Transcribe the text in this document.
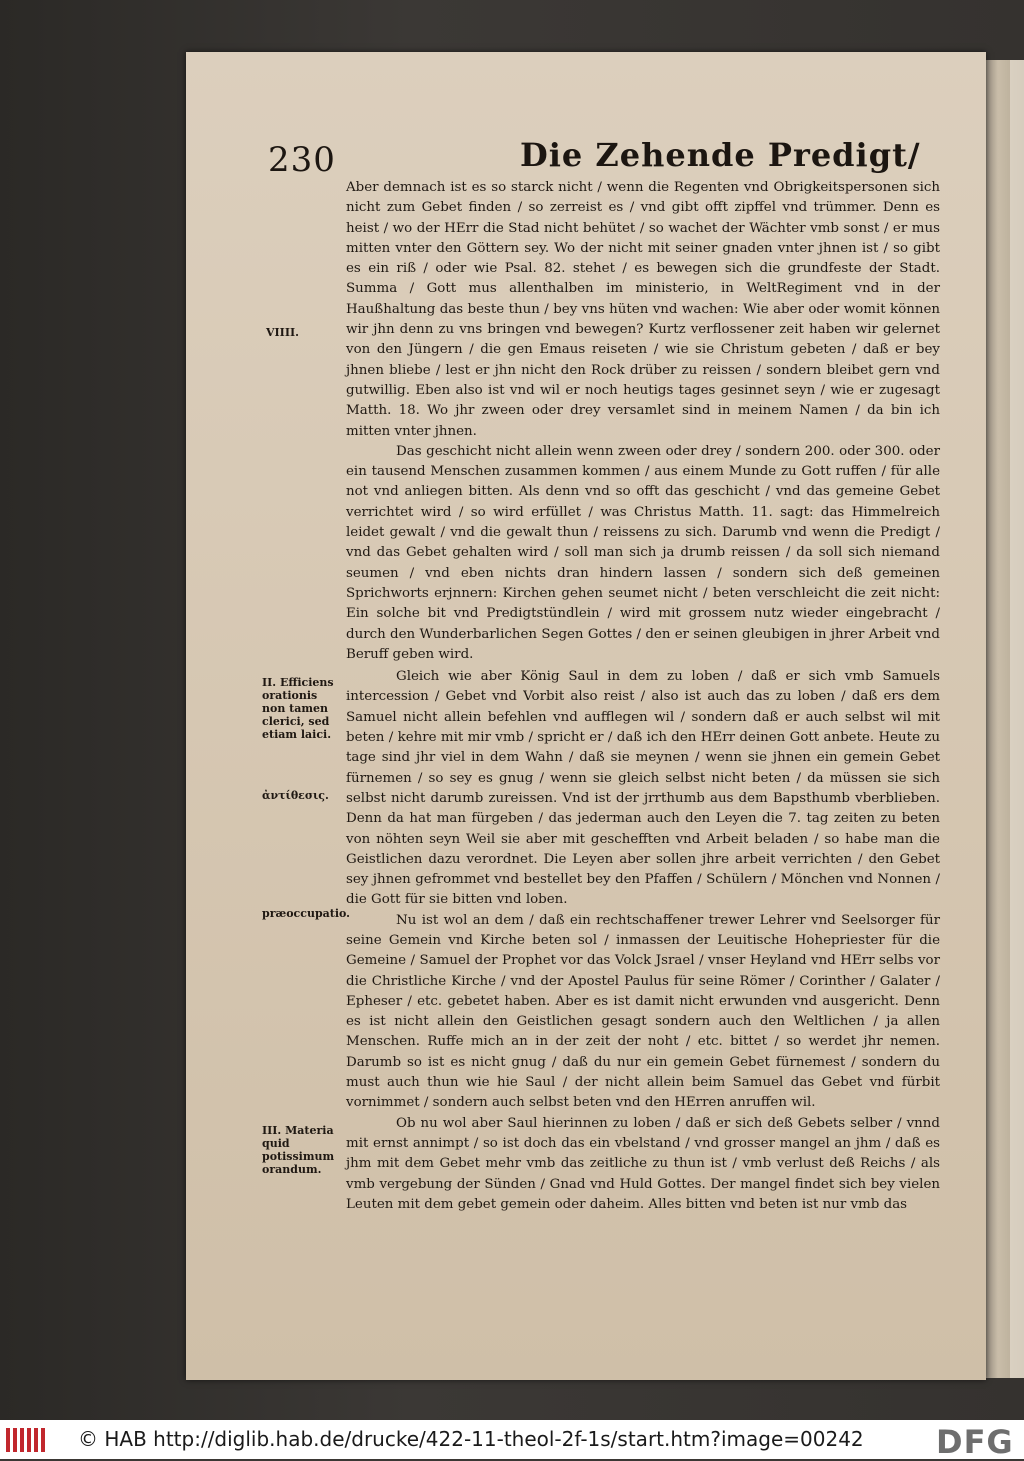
230	Die Zehende Predigt/

Aber demnach ist es so starck nicht / wenn die Regenten vnd Obrigkeitspersonen sich nicht zum Gebet finden / so zerreist es / vnd gibt offt zipffel vnd trümmer. Denn es heist / wo der HErr die Stad nicht behütet / so wachet der Wächter vmb sonst / er mus mitten vnter den Göttern sey. Wo der nicht mit seiner gnaden vnter jhnen ist / so gibt es ein riß / oder wie Psal. 82. stehet / es bewegen sich die grundfeste der Stadt. Summa / Gott mus allenthalben im ministerio, in WeltRegiment vnd in der Haußhaltung das beste thun / bey vns hüten vnd wachen: Wie aber oder womit können wir jhn denn zu vns bringen vnd bewegen? Kurtz verflossener zeit haben wir gelernet von den Jüngern / die gen Emaus reiseten / wie sie Christum gebeten / daß er bey jhnen bliebe / lest er jhn nicht den Rock drüber zu reissen / sondern bleibet gern vnd gutwillig. Eben also ist vnd wil er noch heutigs tages gesinnet seyn / wie er zugesagt Matth. 18. Wo jhr zween oder drey versamlet sind in meinem Namen / da bin ich mitten vnter jhnen.

Das geschicht nicht allein wenn zween oder drey / sondern 200. oder 300. oder ein tausend Menschen zusammen kommen / aus einem Munde zu Gott ruffen / für alle not vnd anliegen bitten. Als denn vnd so offt das geschicht / vnd das gemeine Gebet verrichtet wird / so wird erfüllet / was Christus Matth. 11. sagt: das Himmelreich leidet gewalt / vnd die gewalt thun / reissens zu sich. Darumb vnd wenn die Predigt / vnd das Gebet gehalten wird / soll man sich ja drumb reissen / da soll sich niemand seumen / vnd eben nichts dran hindern lassen / sondern sich deß gemeinen Sprichworts erjnnern: Kirchen gehen seumet nicht / beten verschleicht die zeit nicht: Ein solche bit vnd Predigtstündlein / wird mit grossem nutz wieder eingebracht / durch den Wunderbarlichen Segen Gottes / den er seinen gleubigen in jhrer Arbeit vnd Beruff geben wird.

Gleich wie aber König Saul in dem zu loben / daß er sich vmb Samuels intercession / Gebet vnd Vorbit also reist / also ist auch das zu loben / daß ers dem Samuel nicht allein befehlen vnd aufflegen wil / sondern daß er auch selbst wil mit beten / kehre mit mir vmb / spricht er / daß ich den HErr deinen Gott anbete. Heute zu tage sind jhr viel in dem Wahn / daß sie meynen / wenn sie jhnen ein gemein Gebet fürnemen / so sey es gnug / wenn sie gleich selbst nicht beten / da müssen sie sich selbst nicht darumb zureissen. Vnd ist der jrrthumb aus dem Bapsthumb vberblieben. Denn da hat man fürgeben / das jederman auch den Leyen die 7. tag zeiten zu beten von nöhten seyn Weil sie aber mit geschefften vnd Arbeit beladen / so habe man die Geistlichen dazu verordnet. Die Leyen aber sollen jhre arbeit verrichten / den Gebet sey jhnen gefrommet vnd bestellet bey den Pfaffen / Schülern / Mönchen vnd Nonnen / die Gott für sie bitten vnd loben.

Nu ist wol an dem / daß ein rechtschaffener trewer Lehrer vnd Seelsorger für seine Gemein vnd Kirche beten sol / inmassen der Leuitische Hohepriester für die Gemeine / Samuel der Prophet vor das Volck Jsrael / vnser Heyland vnd HErr selbs vor die Christliche Kirche / vnd der Apostel Paulus für seine Römer / Corinther / Galater / Epheser / etc. gebetet haben. Aber es ist damit nicht erwunden vnd ausgericht. Denn es ist nicht allein den Geistlichen gesagt sondern auch den Weltlichen / ja allen Menschen. Ruffe mich an in der zeit der noht / etc. bittet / so werdet jhr nemen. Darumb so ist es nicht gnug / daß du nur ein gemein Gebet fürnemest / sondern du must auch thun wie hie Saul / der nicht allein beim Samuel das Gebet vnd fürbit vornimmet / sondern auch selbst beten vnd den HErren anruffen wil.

Ob nu wol aber Saul hierinnen zu loben / daß er sich deß Gebets selber / vnnd mit ernst annimpt / so ist doch das ein vbelstand / vnd grosser mangel an jhm / daß es jhm mit dem Gebet mehr vmb das zeitliche zu thun ist / vmb verlust deß Reichs / als vmb vergebung der Sünden / Gnad vnd Huld Gottes. Der mangel findet sich bey vielen Leuten mit dem gebet gemein oder daheim. Alles bitten vnd beten ist nur vmb das

VIIII.
II. Efficiens orationis non tamen clerici, sed etiam laici.
ἀντίθεσις.
præoccupatio.
III. Materia quid potissimum orandum.
© HAB http://diglib.hab.de/drucke/422-11-theol-2f-1s/start.htm?image=00242 DFG
